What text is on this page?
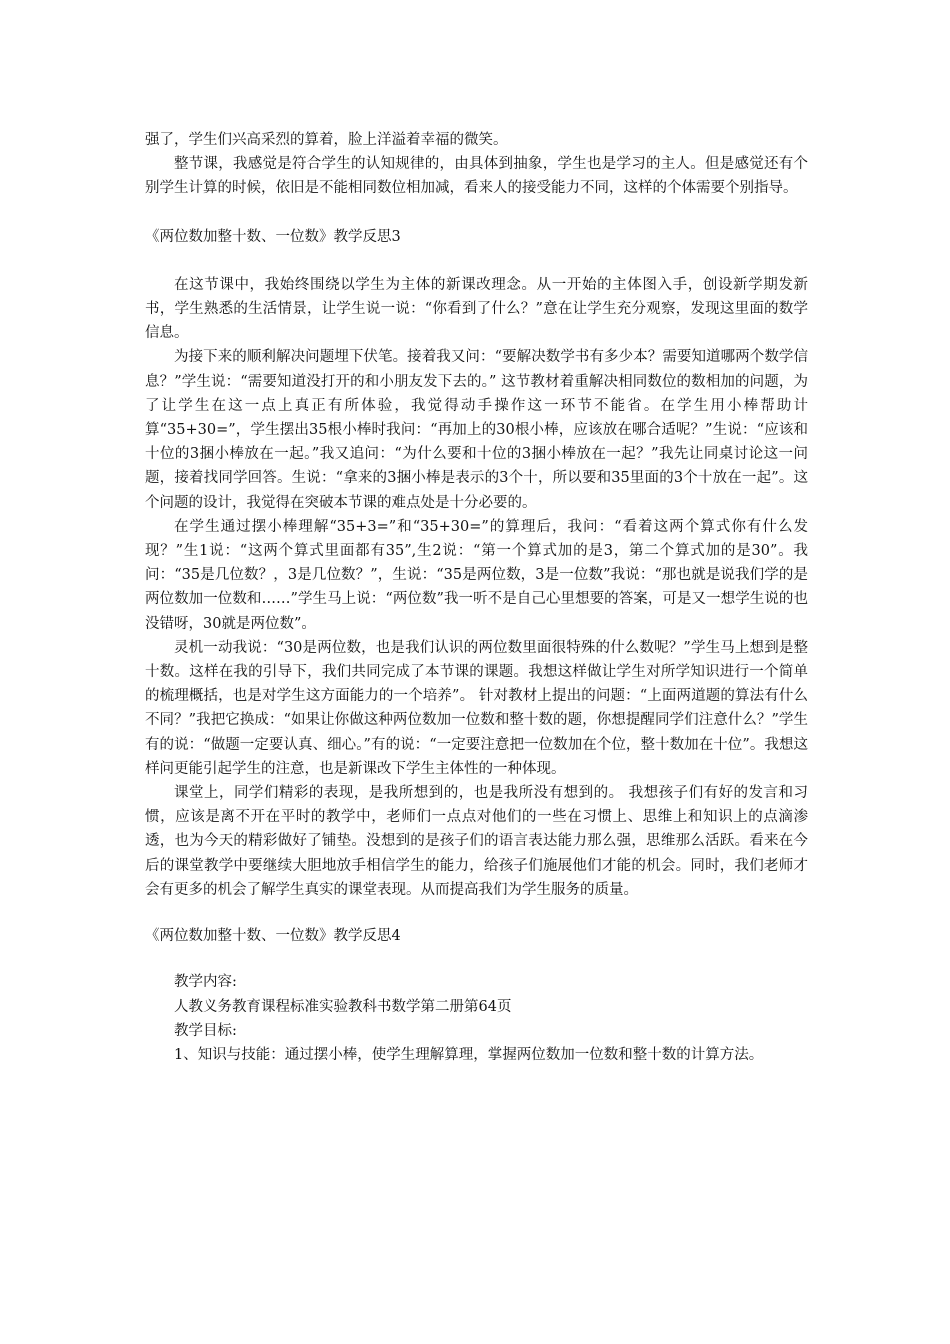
强了，学生们兴高采烈的算着，脸上洋溢着幸福的微笑。

整节课，我感觉是符合学生的认知规律的，由具体到抽象，学生也是学习的主人。但是感觉还有个别学生计算的时候，依旧是不能相同数位相加减，看来人的接受能力不同，这样的个体需要个别指导。

《两位数加整十数、一位数》教学反思3

在这节课中，我始终围绕以学生为主体的新课改理念。从一开始的主体图入手，创设新学期发新书，学生熟悉的生活情景，让学生说一说：“你看到了什么？”意在让学生充分观察，发现这里面的数学信息。

为接下来的顺利解决问题埋下伏笔。接着我又问：“要解决数学书有多少本？需要知道哪两个数学信息？”学生说：“需要知道没打开的和小朋友发下去的。” 这节教材着重解决相同数位的数相加的问题，为了让学生在这一点上真正有所体验，我觉得动手操作这一环节不能省。在学生用小棒帮助计算“35+30=”，学生摆出35根小棒时我问：“再加上的30根小棒，应该放在哪合适呢？”生说：“应该和十位的3捆小棒放在一起。”我又追问：“为什么要和十位的3捆小棒放在一起？”我先让同桌讨论这一问题，接着找同学回答。生说：“拿来的3捆小棒是表示的3个十，所以要和35里面的3个十放在一起”。这个问题的设计，我觉得在突破本节课的难点处是十分必要的。

在学生通过摆小棒理解“35+3=”和“35+30=”的算理后，我问：“看着这两个算式你有什么发现？”生1说：“这两个算式里面都有35”,生2说：“第一个算式加的是3，第二个算式加的是30”。我问：“35是几位数？，3是几位数？”，生说：“35是两位数，3是一位数”我说：“那也就是说我们学的是两位数加一位数和……”学生马上说：“两位数”我一听不是自己心里想要的答案，可是又一想学生说的也没错呀，30就是两位数”。

灵机一动我说：“30是两位数，也是我们认识的两位数里面很特殊的什么数呢？”学生马上想到是整十数。这样在我的引导下，我们共同完成了本节课的课题。我想这样做让学生对所学知识进行一个简单的梳理概括，也是对学生这方面能力的一个培养”。 针对教材上提出的问题：“上面两道题的算法有什么不同？”我把它换成：“如果让你做这种两位数加一位数和整十数的题，你想提醒同学们注意什么？”学生有的说：“做题一定要认真、细心。”有的说：“一定要注意把一位数加在个位，整十数加在十位”。我想这样问更能引起学生的注意，也是新课改下学生主体性的一种体现。

课堂上，同学们精彩的表现，是我所想到的，也是我所没有想到的。 我想孩子们有好的发言和习惯，应该是离不开在平时的教学中，老师们一点点对他们的一些在习惯上、思维上和知识上的点滴渗透，也为今天的精彩做好了铺垫。没想到的是孩子们的语言表达能力那么强，思维那么活跃。看来在今后的课堂教学中要继续大胆地放手相信学生的能力，给孩子们施展他们才能的机会。同时，我们老师才会有更多的机会了解学生真实的课堂表现。从而提高我们为学生服务的质量。

《两位数加整十数、一位数》教学反思4

教学内容:

人教义务教育课程标准实验教科书数学第二册第64页

教学目标:

1、知识与技能：通过摆小棒，使学生理解算理，掌握两位数加一位数和整十数的计算方法。
